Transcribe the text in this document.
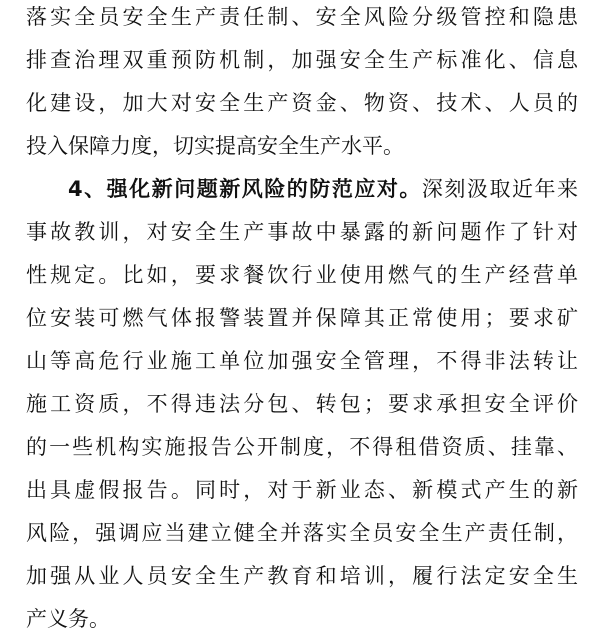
落实全员安全生产责任制、安全风险分级管控和隐患
排查治理双重预防机制，加强安全生产标准化、信息
化建设，加大对安全生产资金、物资、技术、人员的
投入保障力度，切实提高安全生产水平。
4、强化新问题新风险的防范应对。深刻汲取近年来
事故教训，对安全生产事故中暴露的新问题作了针对
性规定。比如，要求餐饮行业使用燃气的生产经营单
位安装可燃气体报警装置并保障其正常使用；要求矿
山等高危行业施工单位加强安全管理，不得非法转让
施工资质，不得违法分包、转包；要求承担安全评价
的一些机构实施报告公开制度，不得租借资质、挂靠、
出具虚假报告。同时，对于新业态、新模式产生的新
风险，强调应当建立健全并落实全员安全生产责任制，
加强从业人员安全生产教育和培训，履行法定安全生
产义务。
